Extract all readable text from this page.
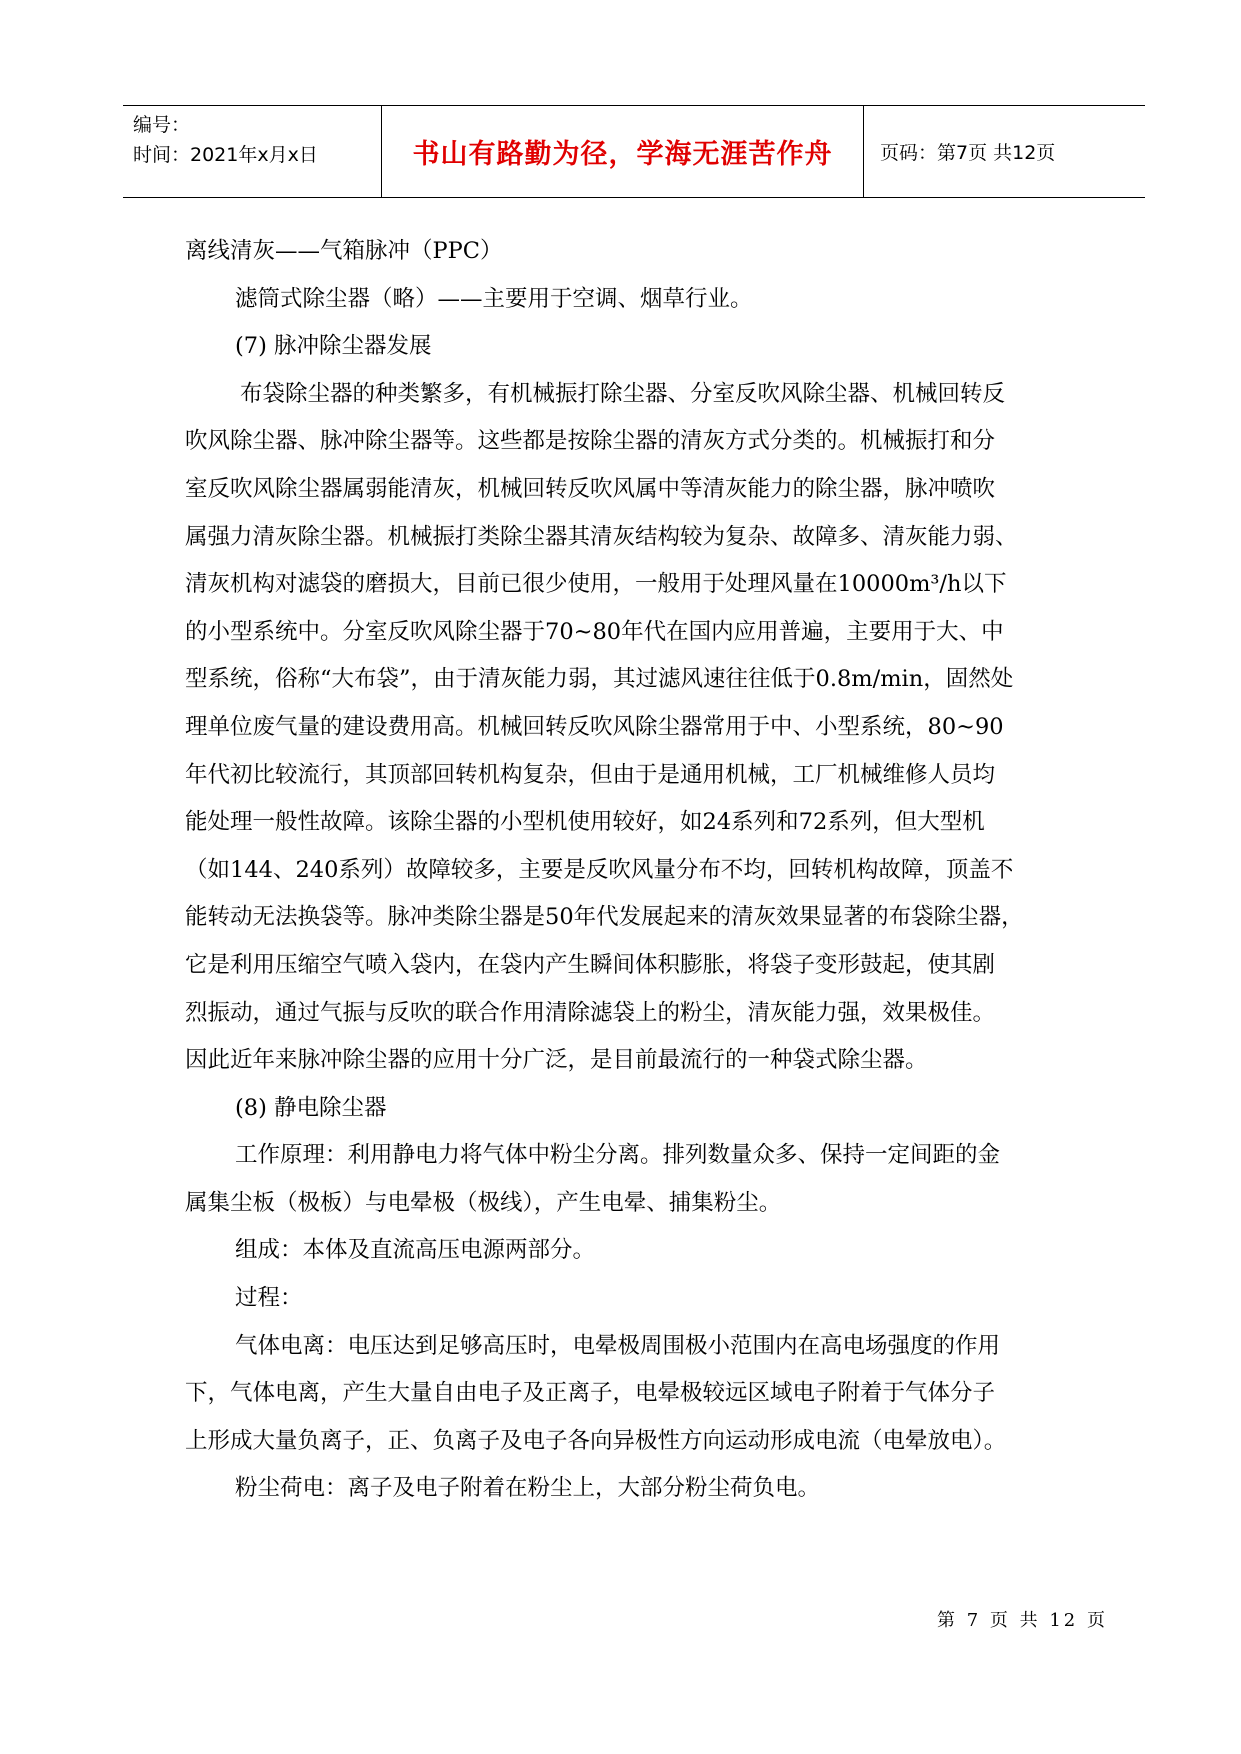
编号：
时间：2021年x月x日	书山有路勤为径，学海无涯苦作舟	页码：第7页 共12页

离线清灰——气箱脉冲（PPC）

滤筒式除尘器（略）——主要用于空调、烟草行业。

(7) 脉冲除尘器发展

布袋除尘器的种类繁多，有机械振打除尘器、分室反吹风除尘器、机械回转反

吹风除尘器、脉冲除尘器等。这些都是按除尘器的清灰方式分类的。机械振打和分

室反吹风除尘器属弱能清灰，机械回转反吹风属中等清灰能力的除尘器，脉冲喷吹

属强力清灰除尘器。机械振打类除尘器其清灰结构较为复杂、故障多、清灰能力弱、

清灰机构对滤袋的磨损大，目前已很少使用，一般用于处理风量在10000m³/h以下

的小型系统中。分室反吹风除尘器于70~80年代在国内应用普遍，主要用于大、中

型系统，俗称“大布袋”，由于清灰能力弱，其过滤风速往往低于0.8m/min，固然处

理单位废气量的建设费用高。机械回转反吹风除尘器常用于中、小型系统，80~90

年代初比较流行，其顶部回转机构复杂，但由于是通用机械，工厂机械维修人员均

能处理一般性故障。该除尘器的小型机使用较好，如24系列和72系列，但大型机

（如144、240系列）故障较多，主要是反吹风量分布不均，回转机构故障，顶盖不

能转动无法换袋等。脉冲类除尘器是50年代发展起来的清灰效果显著的布袋除尘器，

它是利用压缩空气喷入袋内，在袋内产生瞬间体积膨胀，将袋子变形鼓起，使其剧

烈振动，通过气振与反吹的联合作用清除滤袋上的粉尘，清灰能力强，效果极佳。

因此近年来脉冲除尘器的应用十分广泛，是目前最流行的一种袋式除尘器。

(8) 静电除尘器

工作原理：利用静电力将气体中粉尘分离。排列数量众多、保持一定间距的金

属集尘板（极板）与电晕极（极线），产生电晕、捕集粉尘。

组成：本体及直流高压电源两部分。

过程：

气体电离：电压达到足够高压时，电晕极周围极小范围内在高电场强度的作用

下，气体电离，产生大量自由电子及正离子，电晕极较远区域电子附着于气体分子

上形成大量负离子，正、负离子及电子各向异极性方向运动形成电流（电晕放电）。

粉尘荷电：离子及电子附着在粉尘上，大部分粉尘荷负电。

第 7 页 共 12 页
